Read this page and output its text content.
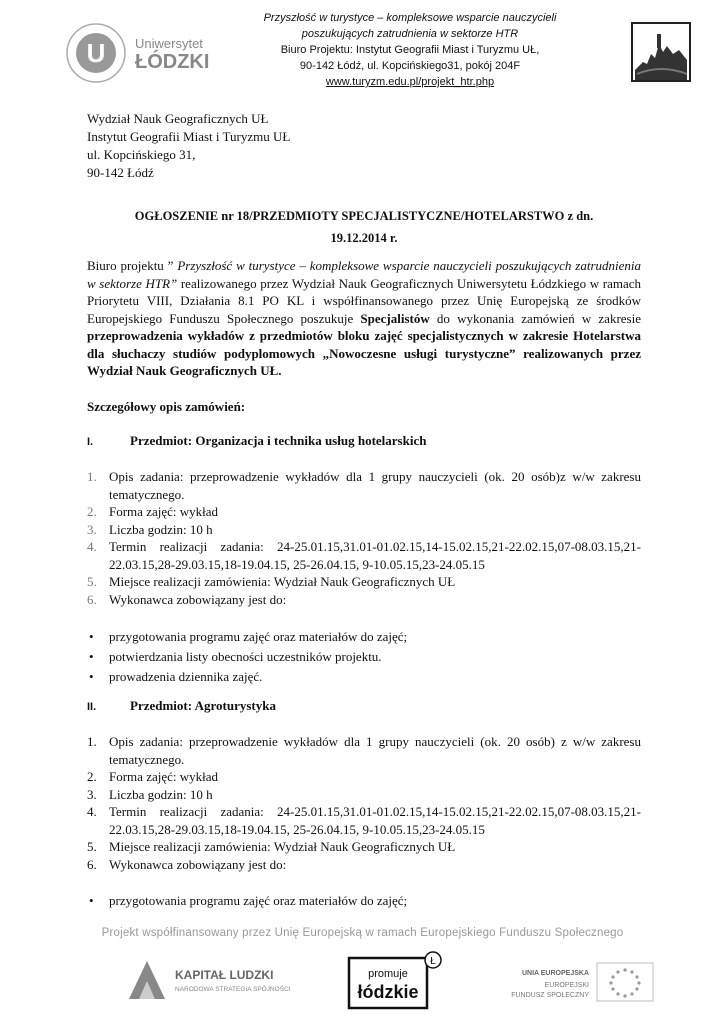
U Uniwersytet
ŁÓDZKI
Przyszłość w turystyce – kompleksowe wsparcie nauczycieli
poszukujących zatrudnienia w sektorze HTR
Biuro Projektu: Instytut Geografii Miast i Turyzmu UŁ,
90-142 Łódź, ul. Kopcińskiego31, pokój 204F
www.turyzm.edu.pl/projekt_htr.php
Wydział Nauk Geograficznych UŁ
Instytut Geografii Miast i Turyzmu UŁ
ul. Kopcińskiego 31,
90-142 Łódź
OGŁOSZENIE nr 18/PRZEDMIOTY SPECJALISTYCZNE/HOTELARSTWO z dn.
19.12.2014 r.
Biuro projektu ” Przyszłość w turystyce – kompleksowe wsparcie nauczycieli poszukujących zatrudnienia w sektorze HTR” realizowanego przez Wydział Nauk Geograficznych Uniwersytetu Łódzkiego w ramach Priorytetu VIII, Działania 8.1 PO KL i współfinansowanego przez Unię Europejską ze środków Europejskiego Funduszu Społecznego poszukuje Specjalistów do wykonania zamówień w zakresie przeprowadzenia wykładów z przedmiotów bloku zajęć specjalistycznych w zakresie Hotelarstwa dla słuchaczy studiów podyplomowych „Nowoczesne usługi turystyczne” realizowanych przez Wydział Nauk Geograficznych UŁ.
Szczegółowy opis zamówień:
I.	Przedmiot: Organizacja i technika usług hotelarskich
1. Opis zadania: przeprowadzenie wykładów dla 1 grupy nauczycieli (ok. 20 osób)z w/w zakresu tematycznego.
2. Forma zajęć: wykład
3. Liczba godzin: 10 h
4. Termin realizacji zadania: 24-25.01.15,31.01-01.02.15,14-15.02.15,21-22.02.15,07-08.03.15,21-22.03.15,28-29.03.15,18-19.04.15, 25-26.04.15, 9-10.05.15,23-24.05.15
5. Miejsce realizacji zamówienia: Wydział Nauk Geograficznych UŁ
6. Wykonawca zobowiązany jest do:
• przygotowania programu zajęć oraz materiałów do zajęć;
• potwierdzania listy obecności uczestników projektu.
• prowadzenia dziennika zajęć.
II.	Przedmiot: Agroturystyka
1. Opis zadania: przeprowadzenie wykładów dla 1 grupy nauczycieli (ok. 20 osób) z w/w zakresu tematycznego.
2. Forma zajęć: wykład
3. Liczba godzin: 10 h
4. Termin realizacji zadania: 24-25.01.15,31.01-01.02.15,14-15.02.15,21-22.02.15,07-08.03.15,21-22.03.15,28-29.03.15,18-19.04.15, 25-26.04.15, 9-10.05.15,23-24.05.15
5. Miejsce realizacji zamówienia: Wydział Nauk Geograficznych UŁ
6. Wykonawca zobowiązany jest do:
• przygotowania programu zajęć oraz materiałów do zajęć;
Projekt współfinansowany przez Unię Europejską w ramach Europejskiego Funduszu Społecznego
KAPITAŁ LUDZKI
NARODOWA STRATEGIA SPÓJNOŚCI
Ł
promuje
łódzkie
UNIA EUROPEJSKA
EUROPEJSKI
FUNDUSZ SPOŁECZNY
